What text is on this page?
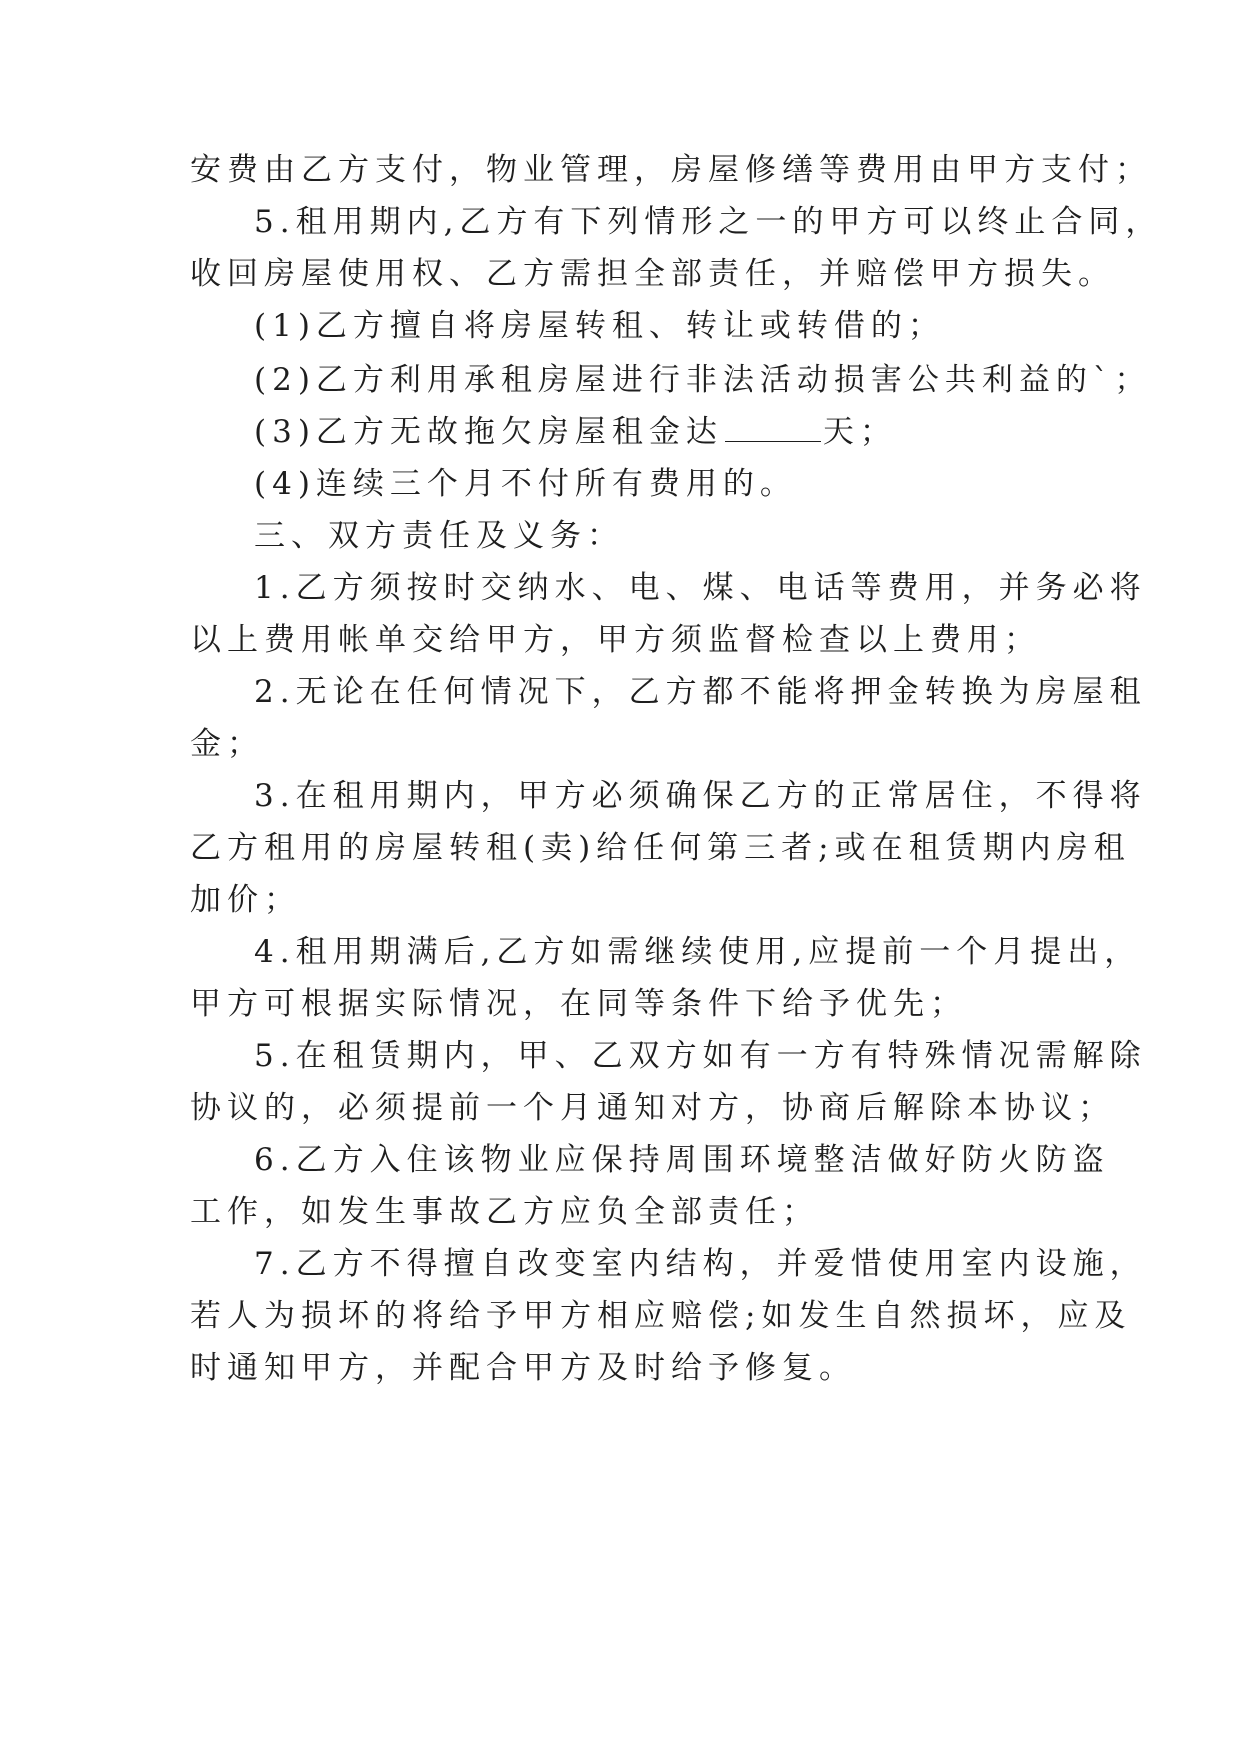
安费由乙方支付，物业管理，房屋修缮等费用由甲方支付；
5.租用期内,乙方有下列情形之一的甲方可以终止合同，
收回房屋使用权、乙方需担全部责任，并赔偿甲方损失。
(1)乙方擅自将房屋转租、转让或转借的；
(2)乙方利用承租房屋进行非法活动损害公共利益的`；
(3)乙方无故拖欠房屋租金达	天；
(4)连续三个月不付所有费用的。
三、双方责任及义务：
1.乙方须按时交纳水、电、煤、电话等费用，并务必将
以上费用帐单交给甲方，甲方须监督检查以上费用；
2.无论在任何情况下，乙方都不能将押金转换为房屋租
金；
3.在租用期内，甲方必须确保乙方的正常居住，不得将
乙方租用的房屋转租(卖)给任何第三者;或在租赁期内房租
加价；
4.租用期满后,乙方如需继续使用,应提前一个月提出，
甲方可根据实际情况，在同等条件下给予优先；
5.在租赁期内，甲、乙双方如有一方有特殊情况需解除
协议的，必须提前一个月通知对方，协商后解除本协议；
6.乙方入住该物业应保持周围环境整洁做好防火防盗
工作，如发生事故乙方应负全部责任；
7.乙方不得擅自改变室内结构，并爱惜使用室内设施，
若人为损坏的将给予甲方相应赔偿;如发生自然损坏，应及
时通知甲方，并配合甲方及时给予修复。
